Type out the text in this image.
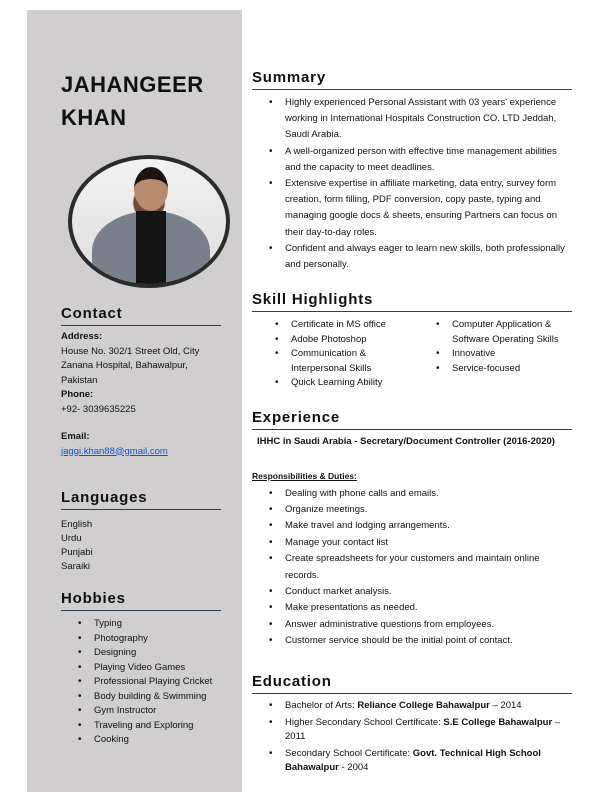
JAHANGEER
KHAN
Contact
Address:
House No. 302/1 Street Old, City
Zanana Hospital, Bahawalpur,
Pakistan
Phone:
+92- 3039635225
Email:
jaggi.khan88@gmail.com
Languages
English
Urdu
Punjabi
Saraiki
Hobbies
• Typing
• Photography
• Designing
• Playing Video Games
• Professional Playing Cricket
• Body building & Swimming
• Gym Instructor
• Traveling and Exploring
• Cooking
Summary
• Highly experienced Personal Assistant with 03 years' experience working in International Hospitals Construction CO. LTD Jeddah, Saudi Arabia.
• A well-organized person with effective time management abilities and the capacity to meet deadlines.
• Extensive expertise in affiliate marketing, data entry, survey form creation, form filling, PDF conversion, copy paste, typing and managing google docs & sheets, ensuring Partners can focus on their day-to-day roles.
• Confident and always eager to learn new skills, both professionally and personally.
Skill Highlights
• Certificate in MS office
• Adobe Photoshop
• Communication & Interpersonal Skills
• Quick Learning Ability
• Computer Application & Software Operating Skills
• Innovative
• Service-focused
Experience
IHHC in Saudi Arabia - Secretary/Document Controller (2016-2020)
Responsibilities & Duties:
• Dealing with phone calls and emails.
• Organize meetings.
• Make travel and lodging arrangements.
• Manage your contact list
• Create spreadsheets for your customers and maintain online records.
• Conduct market analysis.
• Make presentations as needed.
• Answer administrative questions from employees.
• Customer service should be the initial point of contact.
Education
• Bachelor of Arts: Reliance College Bahawalpur – 2014
• Higher Secondary School Certificate: S.E College Bahawalpur – 2011
• Secondary School Certificate: Govt. Technical High School Bahawalpur - 2004
